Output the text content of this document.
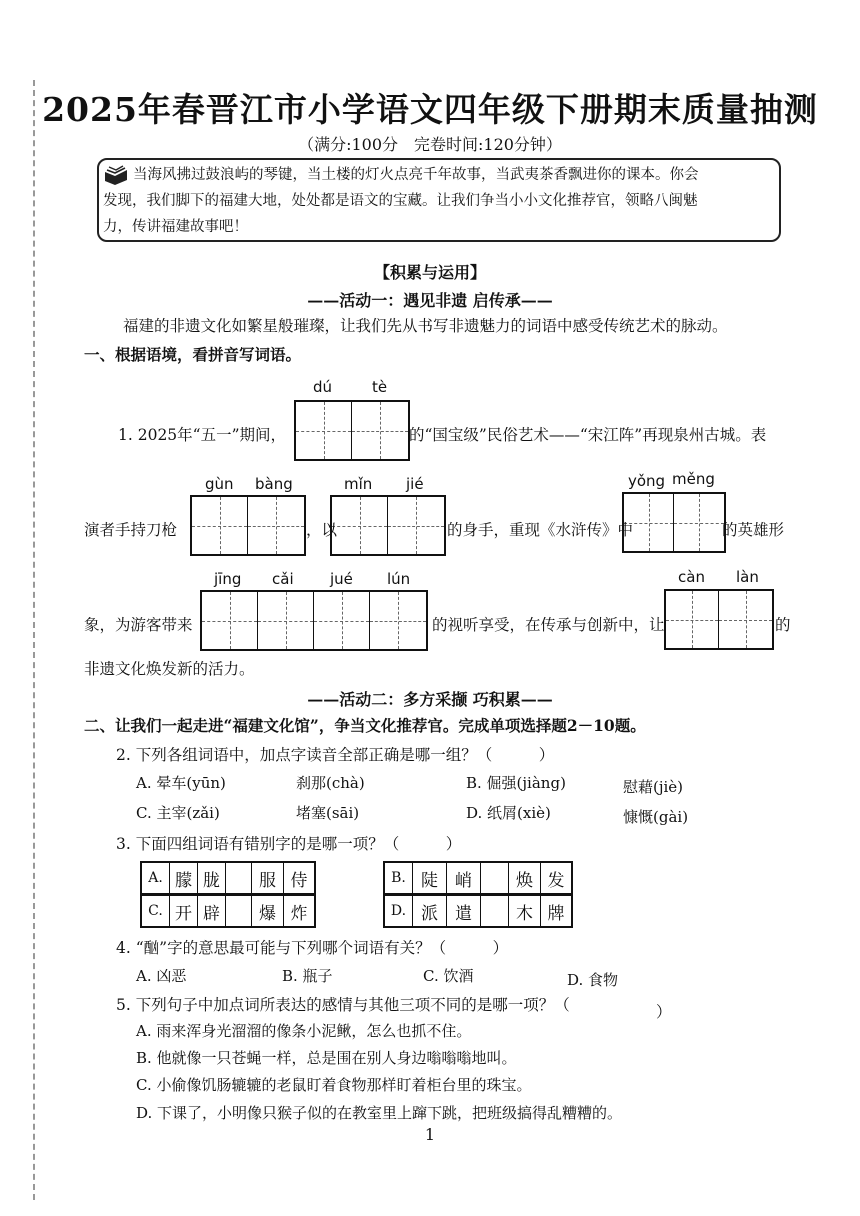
2025年春晋江市小学语文四年级下册期末质量抽测
（满分:100分　完卷时间:120分钟）
当海风拂过鼓浪屿的琴键，当土楼的灯火点亮千年故事，当武夷茶香飘进你的课本。你会
发现，我们脚下的福建大地，处处都是语文的宝藏。让我们争当小小文化推荐官，领略八闽魅
力，传讲福建故事吧！
【积累与运用】
——活动一：遇见非遗 启传承——
福建的非遗文化如繁星般璀璨，让我们先从书写非遗魅力的词语中感受传统艺术的脉动。
一、根据语境，看拼音写词语。
dú	tè
1. 2025年“五一”期间，	的“国宝级”民俗艺术——“宋江阵”再现泉州古城。表
gùn bàng	mǐn jié	yǒng měng
演者手持刀枪	，以	的身手，重现《水浒传》中	的英雄形
jīng cǎi jué lún	càn làn
象，为游客带来	的视听享受，在传承与创新中，让	的
非遗文化焕发新的活力。
——活动二：多方采撷 巧积累——
二、让我们一起走进“福建文化馆”，争当文化推荐官。完成单项选择题2－10题。
2. 下列各组词语中，加点字读音全部正确是哪一组？（　　　）
A. 晕车(yūn)	刹那(chà)	B. 倔强(jiàng)	慰藉(jiè)
C. 主宰(zǎi)	堵塞(sāi)	D. 纸屑(xiè)	慷慨(gài)
3. 下面四组词语有错别字的是哪一项？（　　　）
A. 朦 胧	服 侍	B. 陡	峭	焕 发
C. 开 辟	爆 炸	D. 派	遣	木 牌
4. “酗”字的意思最可能与下列哪个词语有关？（　　　）
A. 凶恶	B. 瓶子	C. 饮酒	D. 食物
5. 下列句子中加点词所表达的感情与其他三项不同的是哪一项？（	）
A. 雨来浑身光溜溜的像条小泥鳅，怎么也抓不住。
B. 他就像一只苍蝇一样，总是围在别人身边嗡嗡嗡地叫。
C. 小偷像饥肠辘辘的老鼠盯着食物那样盯着柜台里的珠宝。
D. 下课了，小明像只猴子似的在教室里上蹿下跳，把班级搞得乱糟糟的。
1
